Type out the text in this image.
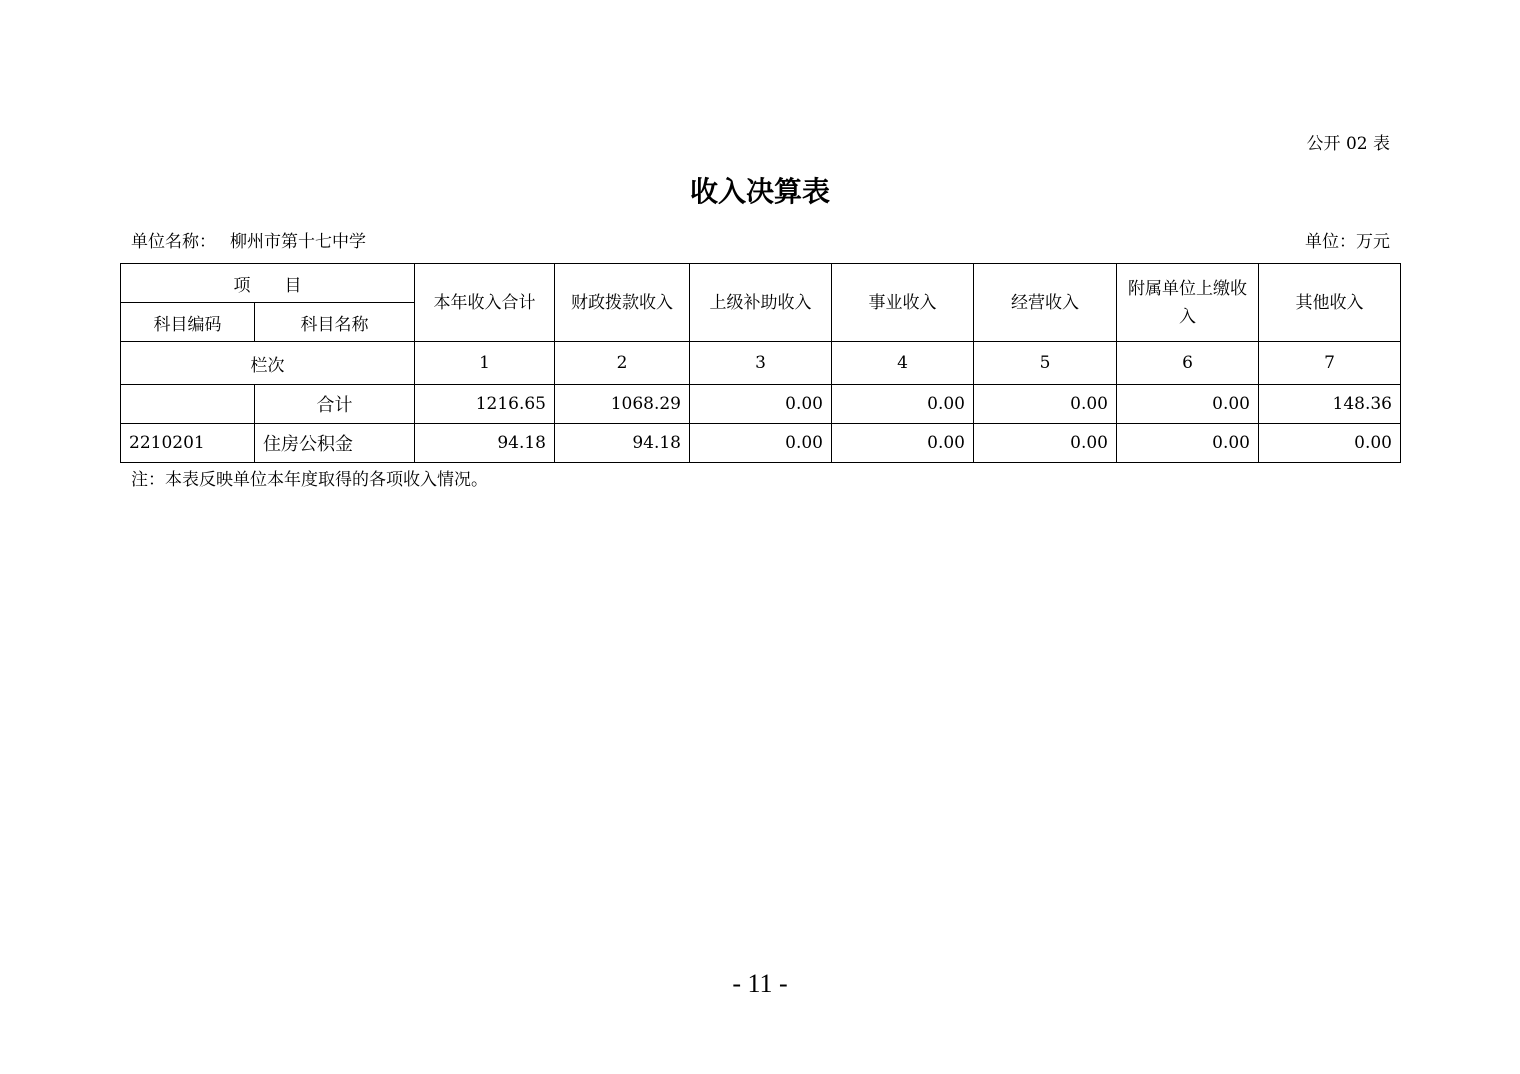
公开 02 表
收入决算表
单位名称： 柳州市第十七中学	单位：万元
项　　目		本年收入合计	财政拨款收入	上级补助收入	事业收入	经营收入	附属单位上缴收入	其他收入
科目编码	科目名称							
栏次		1	2	3	4	5	6	7
	合计	1216.65	1068.29	0.00	0.00	0.00	0.00	148.36
2210201	住房公积金	94.18	94.18	0.00	0.00	0.00	0.00	0.00
注：本表反映单位本年度取得的各项收入情况。
- 11 -
